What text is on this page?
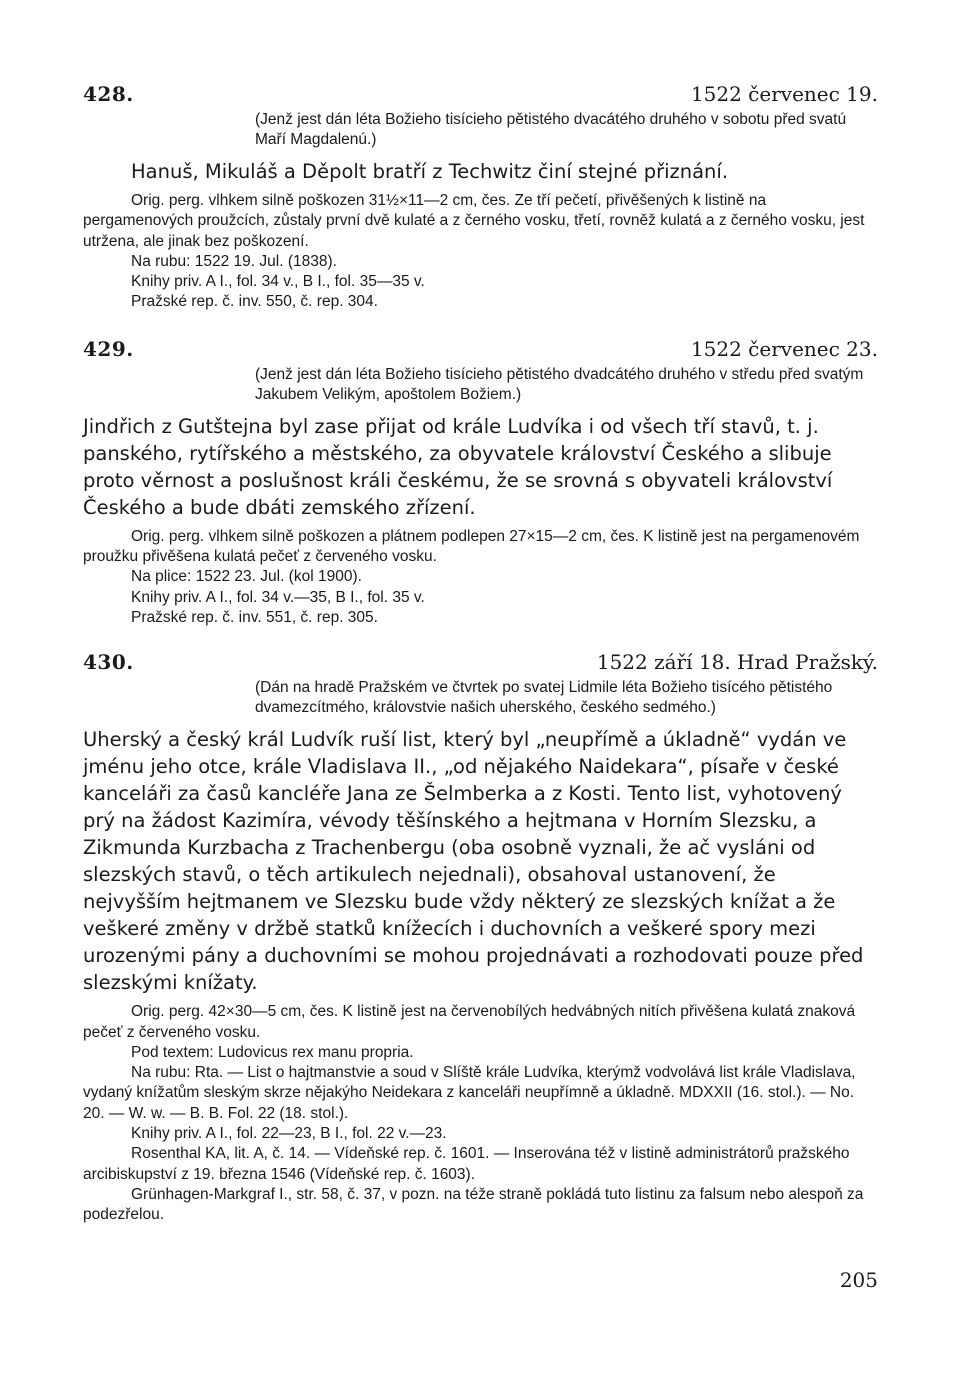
428.	1522 červenec 19.

(Jenž jest dán léta Božieho tisícieho pětistého dvacátého druhého v sobotu před svatú Maří Magdalenú.)

Hanuš, Mikuláš a Děpolt bratří z Techwitz činí stejné přiznání.

Orig. perg. vlhkem silně poškozen 31½×11—2 cm, čes. Ze tří pečetí, přivěšených k listině na pergamenových proužcích, zůstaly první dvě kulaté a z černého vosku, třetí, rovněž kulatá a z černého vosku, jest utržena, ale jinak bez poškození.

Na rubu: 1522 19. Jul. (1838).

Knihy priv. A I., fol. 34 v., B I., fol. 35—35 v.

Pražské rep. č. inv. 550, č. rep. 304.

429.	1522 červenec 23.

(Jenž jest dán léta Božieho tisícieho pětistého dvadcátého druhého v středu před svatým Jakubem Velikým, apoštolem Božiem.)

Jindřich z Gutštejna byl zase přijat od krále Ludvíka i od všech tří stavů, t. j. panského, rytířského a městského, za obyvatele království Českého a slibuje proto věrnost a poslušnost králi českému, že se srovná s obyvateli království Českého a bude dbáti zemského zřízení.

Orig. perg. vlhkem silně poškozen a plátnem podlepen 27×15—2 cm, čes. K listině jest na pergamenovém proužku přivěšena kulatá pečeť z červeného vosku.

Na plice: 1522 23. Jul. (kol 1900).

Knihy priv. A I., fol. 34 v.—35, B I., fol. 35 v.

Pražské rep. č. inv. 551, č. rep. 305.

430.	1522 září 18. Hrad Pražský.

(Dán na hradě Pražském ve čtvrtek po svatej Lidmile léta Božieho tisícého pětistého dvamezcítmého, královstvie našich uherského, českého sedmého.)

Uherský a český král Ludvík ruší list, který byl „neupřímě a úkladně“ vydán ve jménu jeho otce, krále Vladislava II., „od nějakého Naidekara“, písaře v české kanceláři za časů kancléře Jana ze Šelmberka a z Kosti. Tento list, vyhotovený prý na žádost Kazimíra, vévody těšínského a hejtmana v Horním Slezsku, a Zikmunda Kurzbacha z Trachenbergu (oba osobně vyznali, že ač vysláni od slezských stavů, o těch artikulech nejednali), obsahoval ustanovení, že nejvyšším hejtmanem ve Slezsku bude vždy některý ze slezských knížat a že veškeré změny v držbě statků knížecích i duchovních a veškeré spory mezi urozenými pány a duchovními se mohou projednávati a rozhodovati pouze před slezskými knížaty.

Orig. perg. 42×30—5 cm, čes. K listině jest na červenobílých hedvábných nitích přivěšena kulatá znaková pečeť z červeného vosku.

Pod textem: Ludovicus rex manu propria.

Na rubu: Rta. — List o hajtmanstvie a soud v Slíště krále Ludvíka, kterýmž vodvolává list krále Vladislava, vydaný knížatům sleským skrze nějakýho Neidekara z kanceláři neupřímně a úkladně. MDXXII (16. stol.). — No. 20. — W. w. — B. B. Fol. 22 (18. stol.).

Knihy priv. A I., fol. 22—23, B I., fol. 22 v.—23.

Rosenthal KA, lit. A, č. 14. — Vídeňské rep. č. 1601. — Inserována též v listině administrátorů pražského arcibiskupství z 19. března 1546 (Vídeňské rep. č. 1603).

Grünhagen-Markgraf I., str. 58, č. 37, v pozn. na téže straně pokládá tuto listinu za falsum nebo alespoň za podezřelou.

205
